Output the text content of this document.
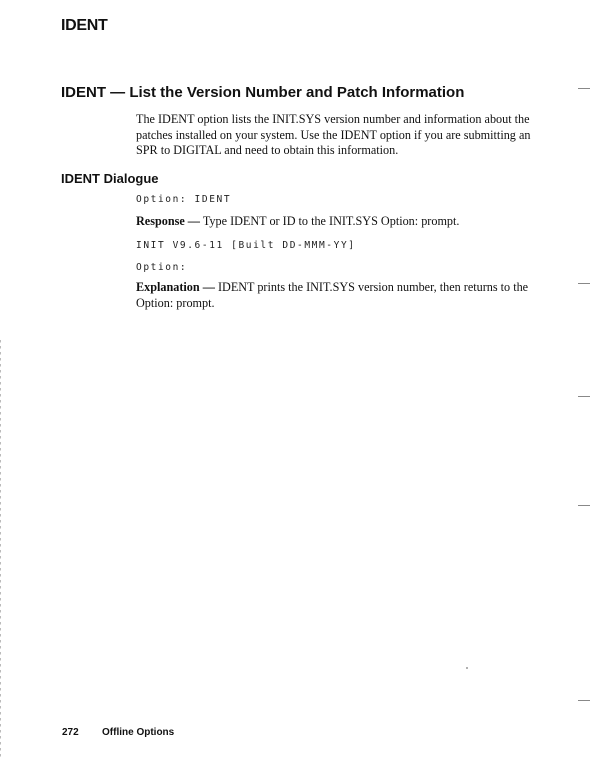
IDENT
IDENT — List the Version Number and Patch Information
The IDENT option lists the INIT.SYS version number and information about the patches installed on your system. Use the IDENT option if you are submitting an SPR to DIGITAL and need to obtain this information.
IDENT Dialogue
Option: IDENT
Response — Type IDENT or ID to the INIT.SYS Option: prompt.
INIT V9.6-11 [Built DD-MMM-YY]
Option:
Explanation — IDENT prints the INIT.SYS version number, then returns to the Option: prompt.
272 Offline Options
